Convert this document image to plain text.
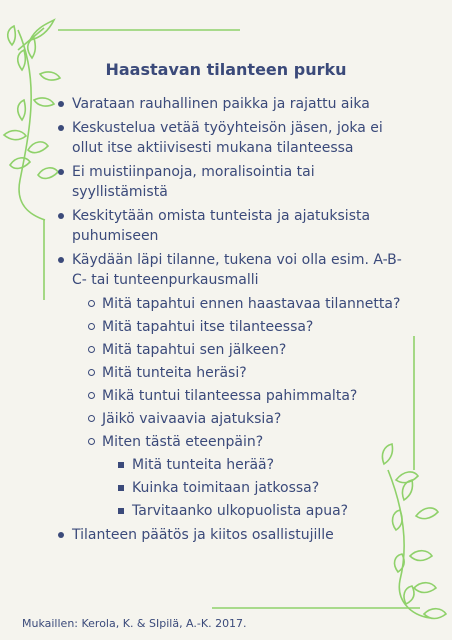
Haastavan tilanteen purku
Varataan rauhallinen paikka ja rajattu aika
Keskustelua vetää työyhteisön jäsen, joka ei ollut itse aktiivisesti mukana tilanteessa
Ei muistiinpanoja, moralisointia tai syyllistämistä
Keskitytään omista tunteista ja ajatuksista puhumiseen
Käydään läpi tilanne, tukena voi olla esim. A-B-C- tai tunteenpurkausmalli
Mitä tapahtui ennen haastavaa tilannetta?
Mitä tapahtui itse tilanteessa?
Mitä tapahtui sen jälkeen?
Mitä tunteita heräsi?
Mikä tuntui tilanteessa pahimmalta?
Jäikö vaivaavia ajatuksia?
Miten tästä eteenpäin?
Mitä tunteita herää?
Kuinka toimitaan jatkossa?
Tarvitaanko ulkopuolista apua?
Tilanteen päätös ja kiitos osallistujille

Mukaillen: Kerola, K. & SIpilä, A.-K. 2017.
